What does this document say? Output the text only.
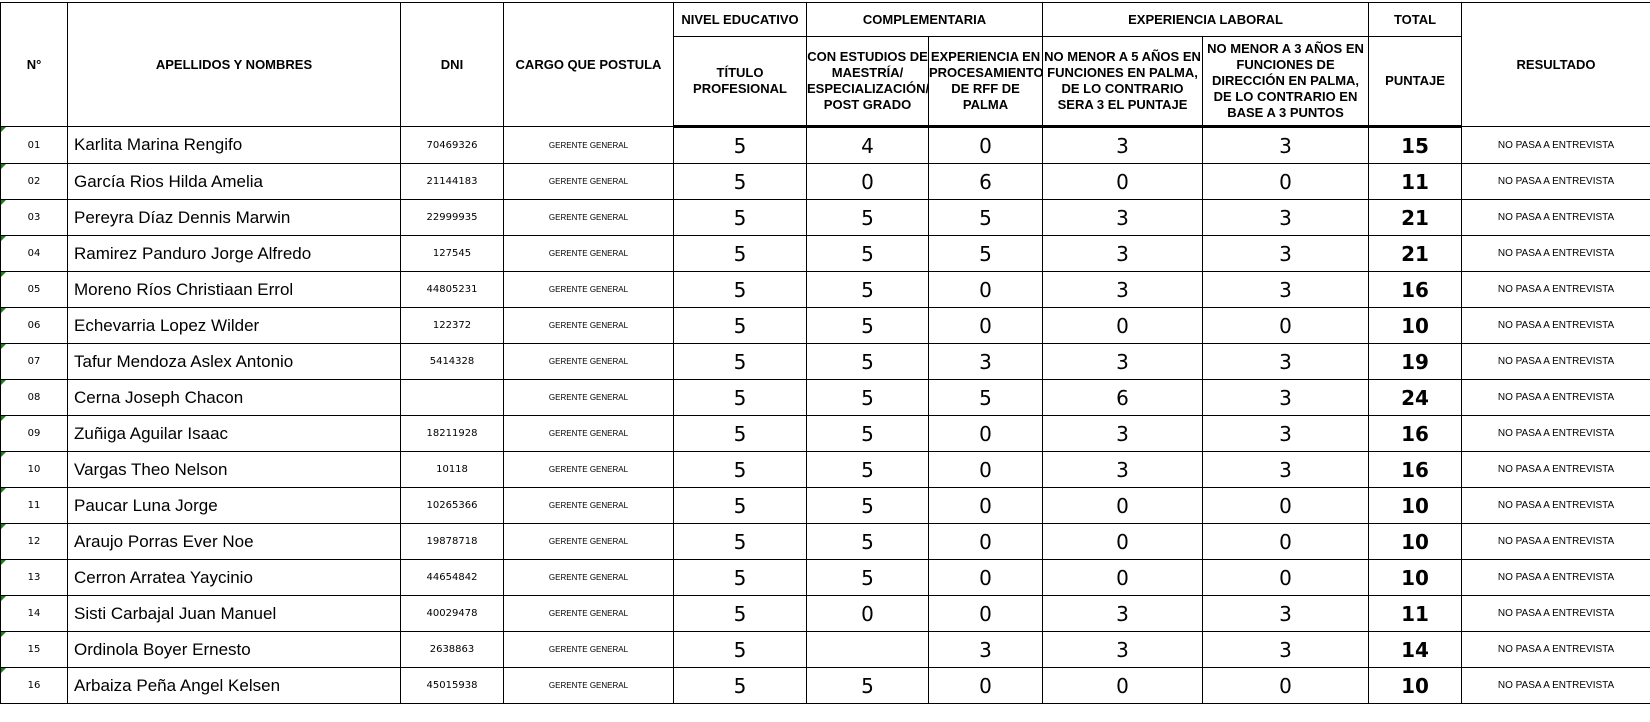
N°	APELLIDOS Y NOMBRES	DNI	CARGO QUE POSTULA	NIVEL EDUCATIVO	COMPLEMENTARIA		EXPERIENCIA LABORAL		TOTAL	RESULTADO
				TÍTULO PROFESIONAL	CON ESTUDIOS DE MAESTRÍA/ ESPECIALIZACIÓN/ POST GRADO	EXPERIENCIA EN PROCESAMIENTO DE RFF DE PALMA	NO MENOR A 5 AÑOS EN FUNCIONES EN PALMA, DE LO CONTRARIO SERA 3 EL PUNTAJE	NO MENOR A 3 AÑOS EN FUNCIONES DE DIRECCIÓN EN PALMA, DE LO CONTRARIO EN BASE A 3 PUNTOS	PUNTAJE	
01	Karlita Marina Rengifo	70469326	GERENTE GENERAL	5	4	0	3	3	15	NO PASA A ENTREVISTA
02	García Rios Hilda Amelia	21144183	GERENTE GENERAL	5	0	6	0	0	11	NO PASA A ENTREVISTA
03	Pereyra Díaz Dennis Marwin	22999935	GERENTE GENERAL	5	5	5	3	3	21	NO PASA A ENTREVISTA
04	Ramirez Panduro Jorge Alfredo	127545	GERENTE GENERAL	5	5	5	3	3	21	NO PASA A ENTREVISTA
05	Moreno Ríos Christiaan Errol	44805231	GERENTE GENERAL	5	5	0	3	3	16	NO PASA A ENTREVISTA
06	Echevarria Lopez Wilder	122372	GERENTE GENERAL	5	5	0	0	0	10	NO PASA A ENTREVISTA
07	Tafur Mendoza Aslex Antonio	5414328	GERENTE GENERAL	5	5	3	3	3	19	NO PASA A ENTREVISTA
08	Cerna Joseph Chacon		GERENTE GENERAL	5	5	5	6	3	24	NO PASA A ENTREVISTA
09	Zuñiga Aguilar Isaac	18211928	GERENTE GENERAL	5	5	0	3	3	16	NO PASA A ENTREVISTA
10	Vargas Theo Nelson	10118	GERENTE GENERAL	5	5	0	3	3	16	NO PASA A ENTREVISTA
11	Paucar Luna Jorge	10265366	GERENTE GENERAL	5	5	0	0	0	10	NO PASA A ENTREVISTA
12	Araujo Porras Ever Noe	19878718	GERENTE GENERAL	5	5	0	0	0	10	NO PASA A ENTREVISTA
13	Cerron Arratea Yaycinio	44654842	GERENTE GENERAL	5	5	0	0	0	10	NO PASA A ENTREVISTA
14	Sisti Carbajal Juan Manuel	40029478	GERENTE GENERAL	5	0	0	3	3	11	NO PASA A ENTREVISTA
15	Ordinola Boyer Ernesto	2638863	GERENTE GENERAL	5		3	3	3	14	NO PASA A ENTREVISTA
16	Arbaiza Peña Angel Kelsen	45015938	GERENTE GENERAL	5	5	0	0	0	10	NO PASA A ENTREVISTA
